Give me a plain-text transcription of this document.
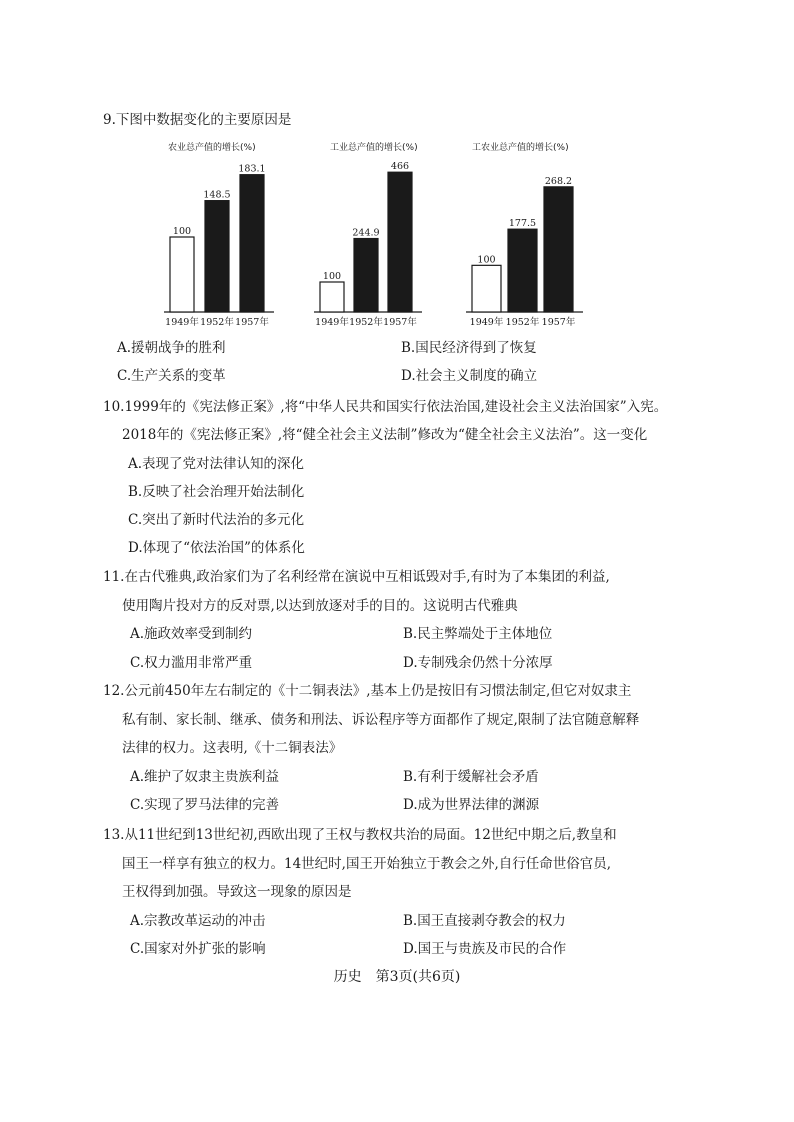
9.下图中数据变化的主要原因是
农业总产值的增长(%)
100
1949年
148.5
1952年
183.1
1957年
工业总产值的增长(%)
100
1949年
244.9
1952年
466
1957年
工农业总产值的增长(%)
100
1949年
177.5
1952年
268.2
1957年
A.援朝战争的胜利	B.国民经济得到了恢复
C.生产关系的变革	D.社会主义制度的确立
10.1999年的《宪法修正案》,将“中华人民共和国实行依法治国,建设社会主义法治国家”入宪。
2018年的《宪法修正案》,将“健全社会主义法制”修改为“健全社会主义法治”。这一变化
A.表现了党对法律认知的深化
B.反映了社会治理开始法制化
C.突出了新时代法治的多元化
D.体现了“依法治国”的体系化
11.在古代雅典,政治家们为了名利经常在演说中互相诋毁对手,有时为了本集团的利益,
使用陶片投对方的反对票,以达到放逐对手的目的。这说明古代雅典
A.施政效率受到制约	B.民主弊端处于主体地位
C.权力滥用非常严重	D.专制残余仍然十分浓厚
12.公元前450年左右制定的《十二铜表法》,基本上仍是按旧有习惯法制定,但它对奴隶主
私有制、家长制、继承、债务和刑法、诉讼程序等方面都作了规定,限制了法官随意解释
法律的权力。这表明,《十二铜表法》
A.维护了奴隶主贵族利益	B.有利于缓解社会矛盾
C.实现了罗马法律的完善	D.成为世界法律的渊源
13.从11世纪到13世纪初,西欧出现了王权与教权共治的局面。12世纪中期之后,教皇和
国王一样享有独立的权力。14世纪时,国王开始独立于教会之外,自行任命世俗官员,
王权得到加强。导致这一现象的原因是
A.宗教改革运动的冲击	B.国王直接剥夺教会的权力
C.国家对外扩张的影响	D.国王与贵族及市民的合作
历史　第3页(共6页)
